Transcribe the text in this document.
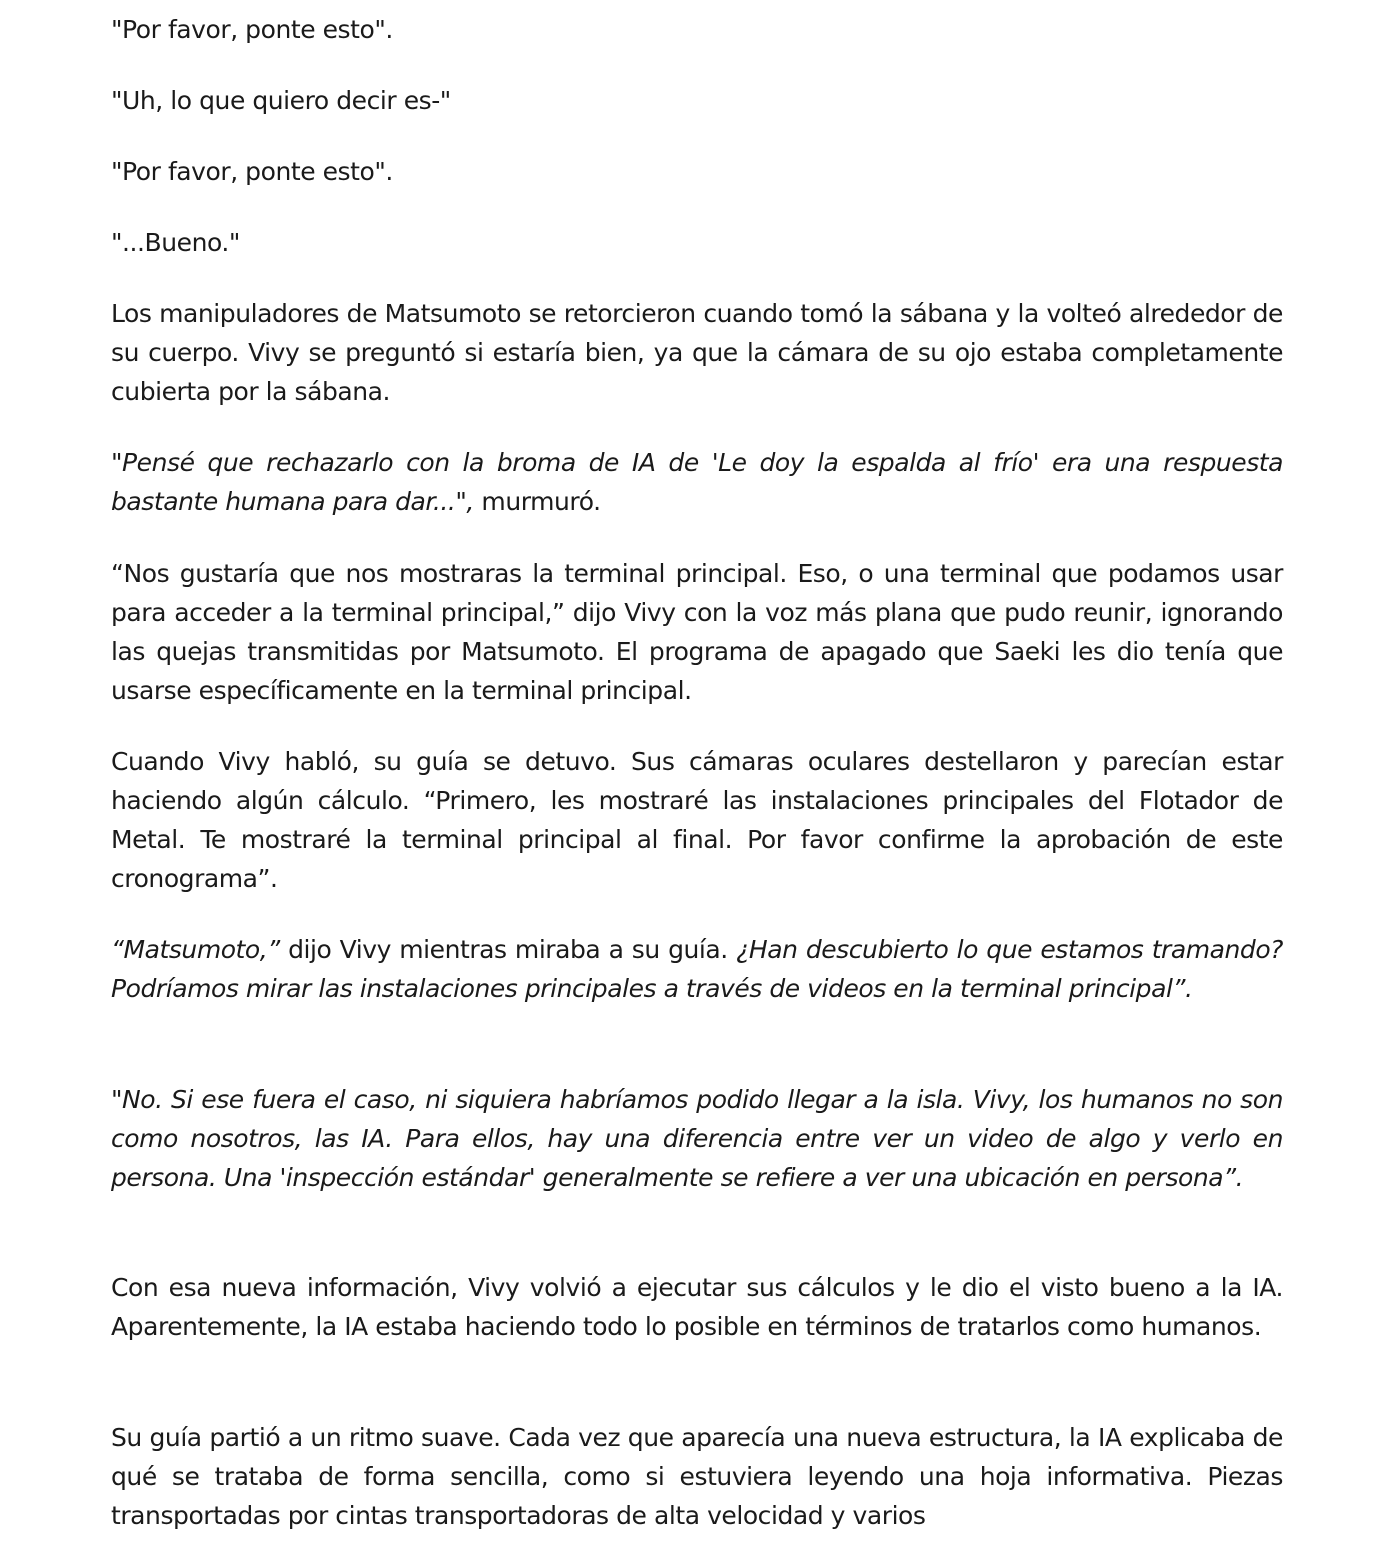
"Por favor, ponte esto".

"Uh, lo que quiero decir es-"

"Por favor, ponte esto".

"...Bueno."

Los manipuladores de Matsumoto se retorcieron cuando tomó la sábana y la volteó alrededor de su cuerpo. Vivy se preguntó si estaría bien, ya que la cámara de su ojo estaba completamente cubierta por la sábana.

"Pensé que rechazarlo con la broma de IA de 'Le doy la espalda al frío' era una respuesta bastante humana para dar...", murmuró.

“Nos gustaría que nos mostraras la terminal principal. Eso, o una terminal que podamos usar para acceder a la terminal principal,” dijo Vivy con la voz más plana que pudo reunir, ignorando las quejas transmitidas por Matsumoto. El programa de apagado que Saeki les dio tenía que usarse específicamente en la terminal principal.

Cuando Vivy habló, su guía se detuvo. Sus cámaras oculares destellaron y parecían estar haciendo algún cálculo. “Primero, les mostraré las instalaciones principales del Flotador de Metal. Te mostraré la terminal principal al final. Por favor confirme la aprobación de este cronograma”.

“Matsumoto,” dijo Vivy mientras miraba a su guía. ¿Han descubierto lo que estamos tramando? Podríamos mirar las instalaciones principales a través de videos en la terminal principal”.

"No. Si ese fuera el caso, ni siquiera habríamos podido llegar a la isla. Vivy, los humanos no son como nosotros, las IA. Para ellos, hay una diferencia entre ver un video de algo y verlo en persona. Una 'inspección estándar' generalmente se refiere a ver una ubicación en persona”.

Con esa nueva información, Vivy volvió a ejecutar sus cálculos y le dio el visto bueno a la IA. Aparentemente, la IA estaba haciendo todo lo posible en términos de tratarlos como humanos.

Su guía partió a un ritmo suave. Cada vez que aparecía una nueva estructura, la IA explicaba de qué se trataba de forma sencilla, como si estuviera leyendo una hoja informativa. Piezas transportadas por cintas transportadoras de alta velocidad y varios
